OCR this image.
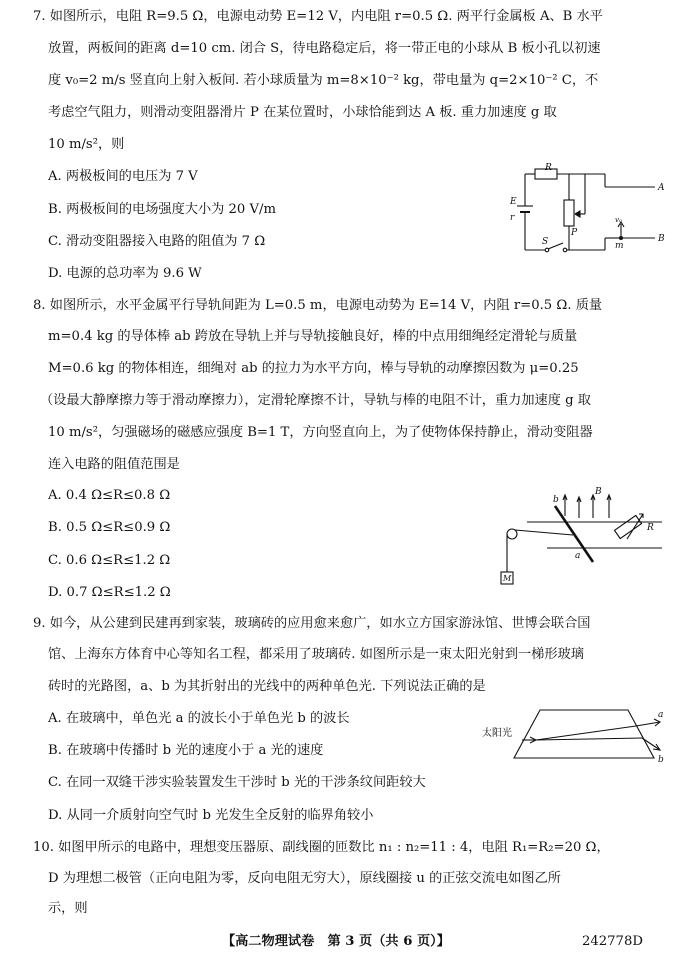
7. 如图所示，电阻 R=9.5 Ω，电源电动势 E=12 V，内电阻 r=0.5 Ω. 两平行金属板 A、B 水平
放置，两板间的距离 d=10 cm. 闭合 S，待电路稳定后，将一带正电的小球从 B 板小孔以初速
度 v₀=2 m/s 竖直向上射入板间. 若小球质量为 m=8×10⁻² kg，带电量为 q=2×10⁻² C，不
考虑空气阻力，则滑动变阻器滑片 P 在某位置时，小球恰能到达 A 板. 重力加速度 g 取
10 m/s²，则
A. 两极板间的电压为 7 V
B. 两极板间的电场强度大小为 20 V/m
C. 滑动变阻器接入电路的阻值为 7 Ω
D. 电源的总功率为 9.6 W
R
A
E
r
P
v₀
m
B
S
8. 如图所示，水平金属平行导轨间距为 L=0.5 m，电源电动势为 E=14 V，内阻 r=0.5 Ω. 质量
m=0.4 kg 的导体棒 ab 跨放在导轨上并与导轨接触良好，棒的中点用细绳经定滑轮与质量
M=0.6 kg 的物体相连，细绳对 ab 的拉力为水平方向，棒与导轨的动摩擦因数为 μ=0.25
（设最大静摩擦力等于滑动摩擦力），定滑轮摩擦不计，导轨与棒的电阻不计，重力加速度 g 取
10 m/s²，匀强磁场的磁感应强度 B=1 T，方向竖直向上，为了使物体保持静止，滑动变阻器
连入电路的阻值范围是
A. 0.4 Ω≤R≤0.8 Ω
B. 0.5 Ω≤R≤0.9 Ω
C. 0.6 Ω≤R≤1.2 Ω
D. 0.7 Ω≤R≤1.2 Ω
b
B
R
a
M
9. 如今，从公建到民建再到家装，玻璃砖的应用愈来愈广，如水立方国家游泳馆、世博会联合国
馆、上海东方体育中心等知名工程，都采用了玻璃砖. 如图所示是一束太阳光射到一梯形玻璃
砖时的光路图，a、b 为其折射出的光线中的两种单色光. 下列说法正确的是
A. 在玻璃中，单色光 a 的波长小于单色光 b 的波长
B. 在玻璃中传播时 b 光的速度小于 a 光的速度
C. 在同一双缝干涉实验装置发生干涉时 b 光的干涉条纹间距较大
D. 从同一介质射向空气时 b 光发生全反射的临界角较小
太阳光
a
b
10. 如图甲所示的电路中，理想变压器原、副线圈的匝数比 n₁ : n₂=11 : 4，电阻 R₁=R₂=20 Ω，
D 为理想二极管（正向电阻为零，反向电阻无穷大），原线圈接 u 的正弦交流电如图乙所
示，则
【高二物理试卷　第 3 页（共 6 页）】	242778D
